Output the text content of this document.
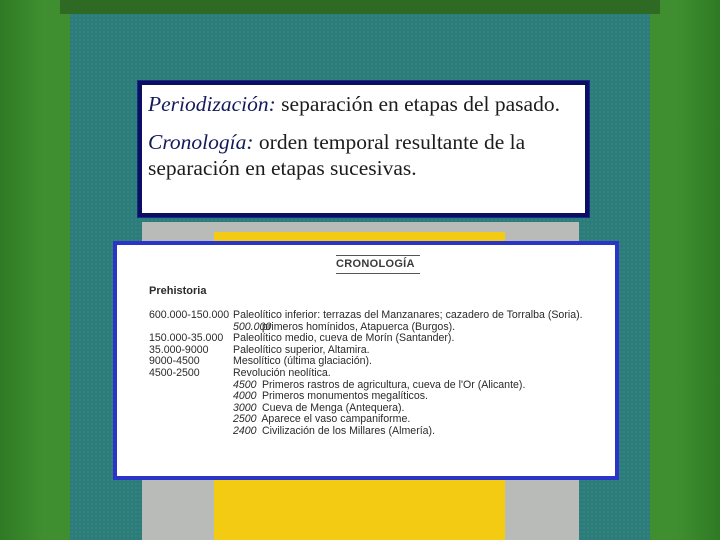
Periodización: separación en etapas del pasado.

Cronología: orden temporal resultante de la separación en etapas sucesivas.

CRONOLOGÍA
Prehistoria
600.000-150.000 Paleolítico inferior: terrazas del Manzanares; cazadero de Torralba (Soria).
500.000 primeros homínidos, Atapuerca (Burgos).
150.000-35.000 Paleolítico medio, cueva de Morín (Santander).
35.000-9000	Paleolítico superior, Altamira.
9000-4500	Mesolítico (última glaciación).
4500-2500	Revolución neolítica.
4500 Primeros rastros de agricultura, cueva de l'Or (Alicante).
4000 Primeros monumentos megalíticos.
3000 Cueva de Menga (Antequera).
2500 Aparece el vaso campaniforme.
2400 Civilización de los Millares (Almería).
